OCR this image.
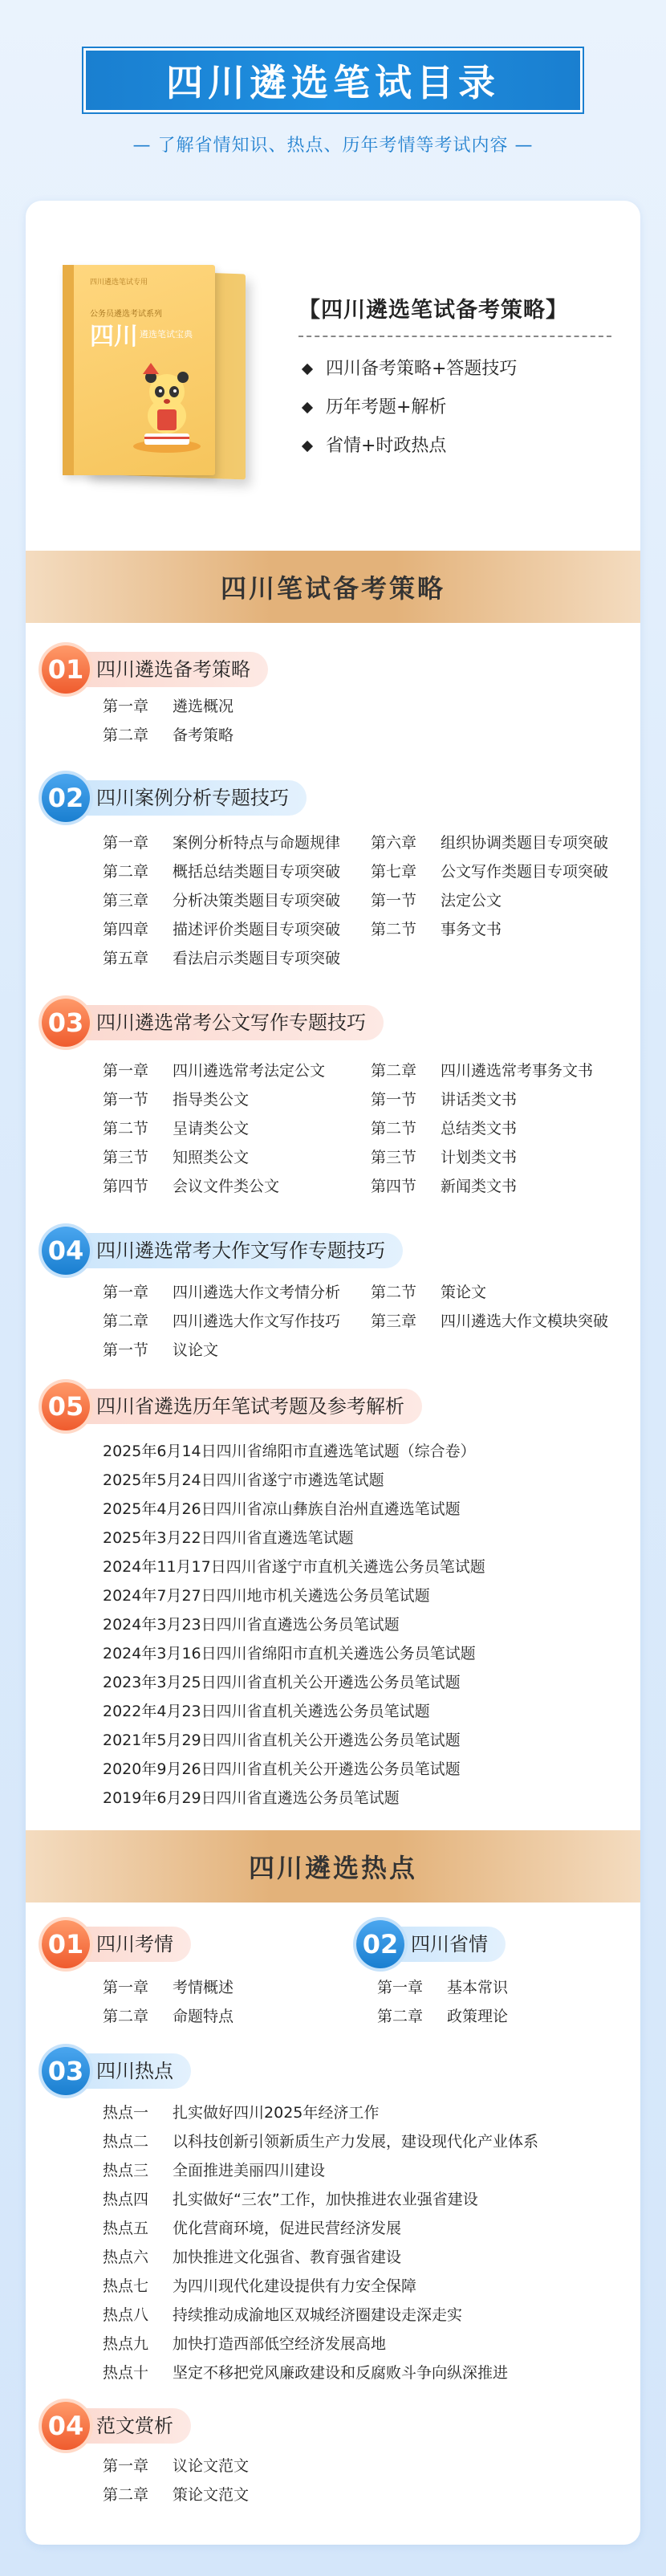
四川遴选笔试目录
— 了解省情知识、热点、历年考情等考试内容 —
四川遴选笔试专用
公务员遴选考试系列
四川 遴选笔试宝典
【四川遴选笔试备考策略】
四川备考策略+答题技巧
历年考题+解析
省情+时政热点
四川笔试备考策略
01 四川遴选备考策略
第一章 遴选概况
第二章 备考策略
02 四川案例分析专题技巧
第一章 案例分析特点与命题规律
第二章 概括总结类题目专项突破
第三章 分析决策类题目专项突破
第四章 描述评价类题目专项突破
第五章 看法启示类题目专项突破
第六章 组织协调类题目专项突破
第七章 公文写作类题目专项突破
第一节 法定公文
第二节 事务文书
03 四川遴选常考公文写作专题技巧
第一章 四川遴选常考法定公文
第一节 指导类公文
第二节 呈请类公文
第三节 知照类公文
第四节 会议文件类公文
第二章 四川遴选常考事务文书
第一节 讲话类文书
第二节 总结类文书
第三节 计划类文书
第四节 新闻类文书
04 四川遴选常考大作文写作专题技巧
第一章 四川遴选大作文考情分析
第二章 四川遴选大作文写作技巧
第一节 议论文
第二节 策论文
第三章 四川遴选大作文模块突破
05 四川省遴选历年笔试考题及参考解析
2025年6月14日四川省绵阳市直遴选笔试题（综合卷）
2025年5月24日四川省遂宁市遴选笔试题
2025年4月26日四川省凉山彝族自治州直遴选笔试题
2025年3月22日四川省直遴选笔试题
2024年11月17日四川省遂宁市直机关遴选公务员笔试题
2024年7月27日四川地市机关遴选公务员笔试题
2024年3月23日四川省直遴选公务员笔试题
2024年3月16日四川省绵阳市直机关遴选公务员笔试题
2023年3月25日四川省直机关公开遴选公务员笔试题
2022年4月23日四川省直机关遴选公务员笔试题
2021年5月29日四川省直机关公开遴选公务员笔试题
2020年9月26日四川省直机关公开遴选公务员笔试题
2019年6月29日四川省直遴选公务员笔试题
四川遴选热点
01 四川考情
第一章 考情概述
第二章 命题特点
02 四川省情
第一章 基本常识
第二章 政策理论
03 四川热点
热点一 扎实做好四川2025年经济工作
热点二 以科技创新引领新质生产力发展，建设现代化产业体系
热点三 全面推进美丽四川建设
热点四 扎实做好“三农”工作，加快推进农业强省建设
热点五 优化营商环境，促进民营经济发展
热点六 加快推进文化强省、教育强省建设
热点七 为四川现代化建设提供有力安全保障
热点八 持续推动成渝地区双城经济圈建设走深走实
热点九 加快打造西部低空经济发展高地
热点十 坚定不移把党风廉政建设和反腐败斗争向纵深推进
04 范文赏析
第一章 议论文范文
第二章 策论文范文
